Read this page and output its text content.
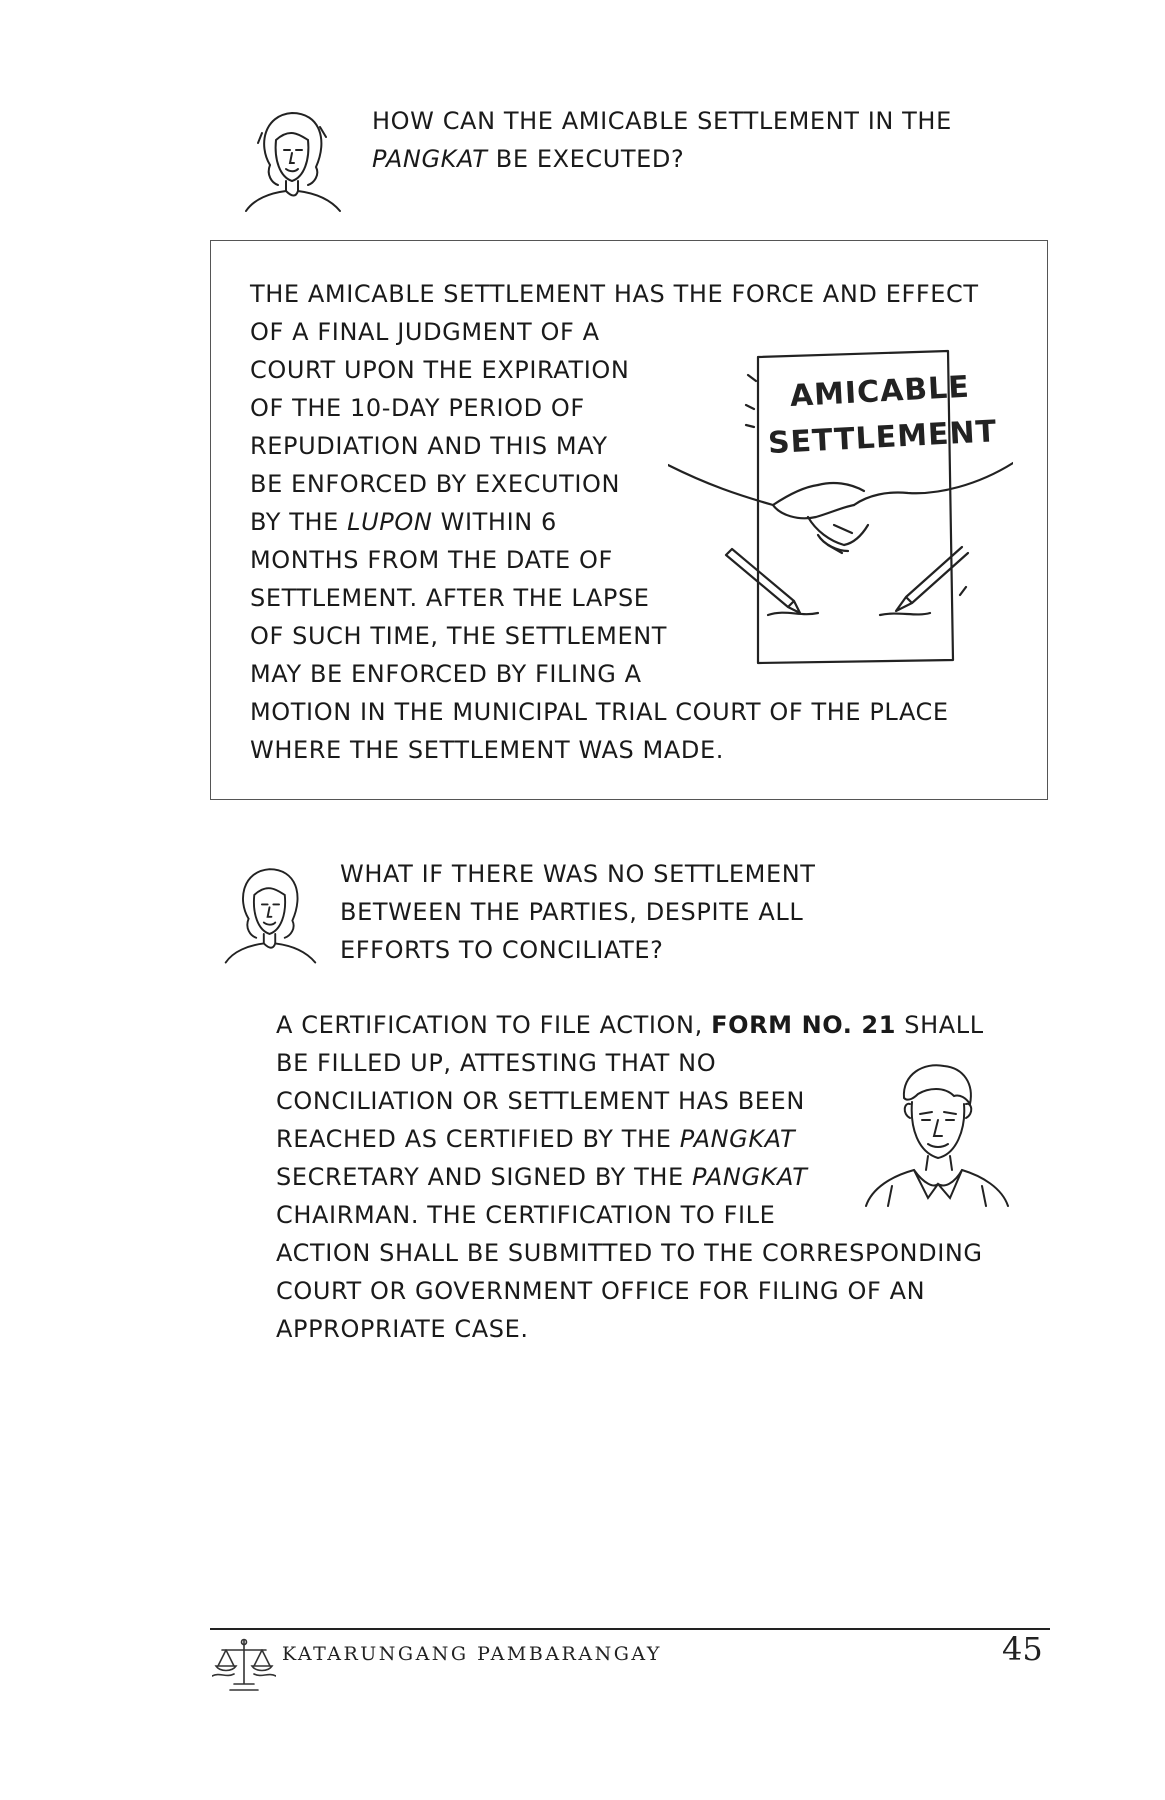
HOW CAN THE AMICABLE SETTLEMENT IN THE

PANGKAT BE EXECUTED?

THE AMICABLE SETTLEMENT HAS THE FORCE AND EFFECT

OF A FINAL JUDGMENT OF A

COURT UPON THE EXPIRATION

OF THE 10-DAY PERIOD OF

REPUDIATION AND THIS MAY

BE ENFORCED BY EXECUTION

BY THE LUPON WITHIN 6

MONTHS FROM THE DATE OF

SETTLEMENT. AFTER THE LAPSE

OF SUCH TIME, THE SETTLEMENT

MAY BE ENFORCED BY FILING A

MOTION IN THE MUNICIPAL TRIAL COURT OF THE PLACE

WHERE THE SETTLEMENT WAS MADE.

AMICABLE
SETTLEMENT

WHAT IF THERE WAS NO SETTLEMENT

BETWEEN THE PARTIES, DESPITE ALL

EFFORTS TO CONCILIATE?

A CERTIFICATION TO FILE ACTION, FORM NO. 21 SHALL

BE FILLED UP, ATTESTING THAT NO

CONCILIATION OR SETTLEMENT HAS BEEN

REACHED AS CERTIFIED BY THE PANGKAT

SECRETARY AND SIGNED BY THE PANGKAT

CHAIRMAN. THE CERTIFICATION TO FILE

ACTION SHALL BE SUBMITTED TO THE CORRESPONDING

COURT OR GOVERNMENT OFFICE FOR FILING OF AN

APPROPRIATE CASE.

KATARUNGANG PAMBARANGAY	45
